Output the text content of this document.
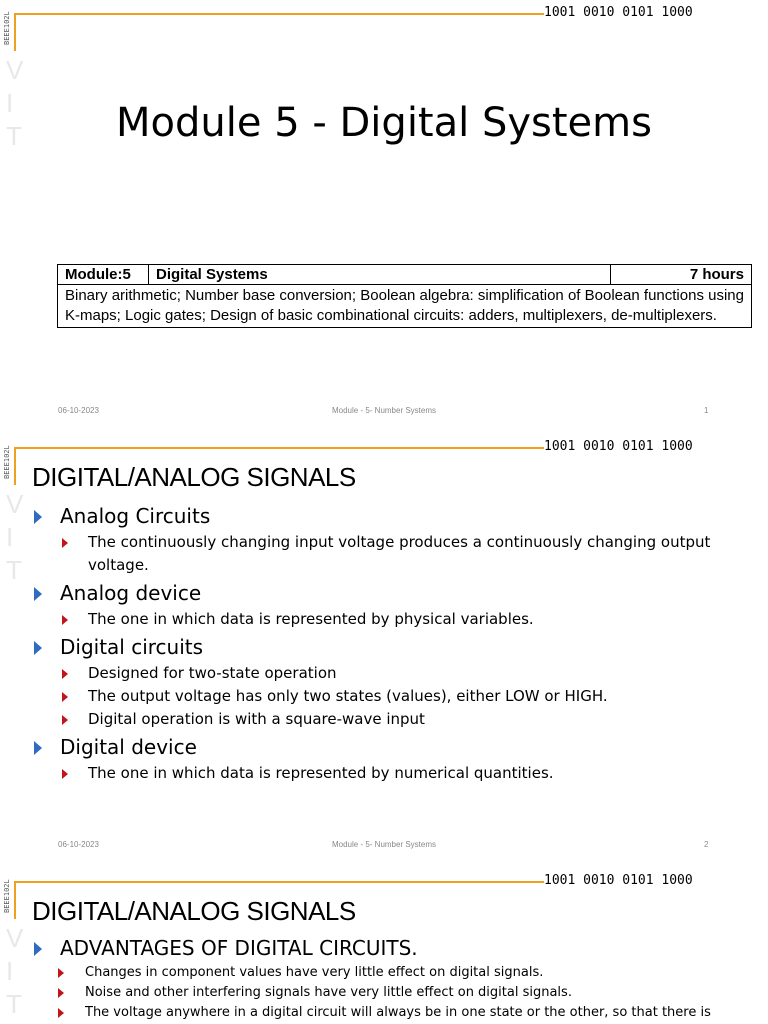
BEEE102L	1001 0010 0101 1000
V
I
T	Module 5 - Digital Systems
Module:5	Digital Systems	7 hours
Binary arithmetic; Number base conversion; Boolean algebra: simplification of Boolean functions using K-maps; Logic gates; Design of basic combinational circuits: adders, multiplexers, de-multiplexers.
06-10-2023	Module - 5- Number Systems	1
BEEE102L	1001 0010 0101 1000
V
I
T
DIGITAL/ANALOG SIGNALS
Analog Circuits
The continuously changing input voltage produces a continuously changing output voltage.
Analog device
The one in which data is represented by physical variables.
Digital circuits
Designed for two-state operation
The output voltage has only two states (values), either LOW or HIGH.
Digital operation is with a square-wave input
Digital device
The one in which data is represented by numerical quantities.
06-10-2023	Module - 5- Number Systems	2
BEEE102L	1001 0010 0101 1000
V
I
T
DIGITAL/ANALOG SIGNALS
ADVANTAGES OF DIGITAL CIRCUITS.
Changes in component values have very little effect on digital signals.
Noise and other interfering signals have very little effect on digital signals.
The voltage anywhere in a digital circuit will always be in one state or the other, so that there is
